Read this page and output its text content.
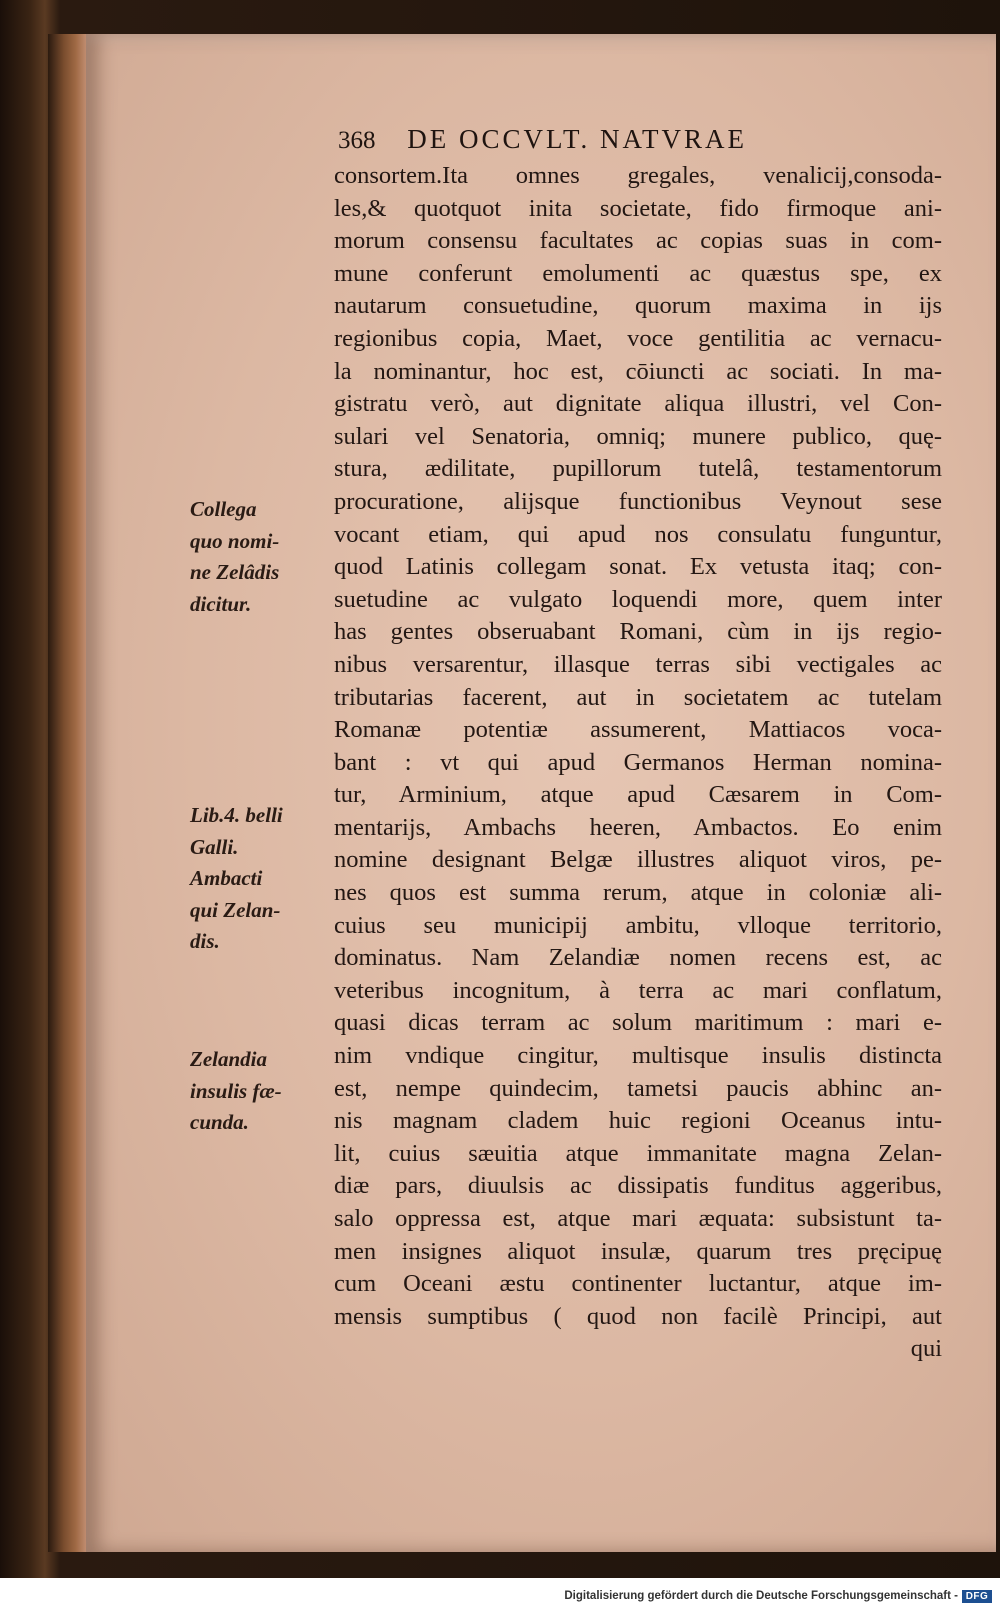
368 DE OCCVLT. NATVRAE
consortem.Ita omnes gregales, venalicij,consoda-
les,& quotquot inita societate, fido firmoque ani-
morum consensu facultates ac copias suas in com-
mune conferunt emolumenti ac quæstus spe, ex
nautarum consuetudine, quorum maxima in ijs
regionibus copia, Maet, voce gentilitia ac vernacu-
la nominantur, hoc est, cōiuncti ac sociati. In ma-
gistratu verò, aut dignitate aliqua illustri, vel Con-
sulari vel Senatoria, omniq; munere publico, quę-
stura, ædilitate, pupillorum tutelâ, testamentorum
procuratione, alijsque functionibus Veynout sese
vocant etiam, qui apud nos consulatu funguntur,
quod Latinis collegam sonat. Ex vetusta itaq; con-
suetudine ac vulgato loquendi more, quem inter
has gentes obseruabant Romani, cùm in ijs regio-
nibus versarentur, illasque terras sibi vectigales ac
tributarias facerent, aut in societatem ac tutelam
Romanæ potentiæ assumerent, Mattiacos voca-
bant : vt qui apud Germanos Herman nomina-
tur, Arminium, atque apud Cæsarem in Com-
mentarijs, Ambachs heeren, Ambactos. Eo enim
nomine designant Belgæ illustres aliquot viros, pe-
nes quos est summa rerum, atque in coloniæ ali-
cuius seu municipij ambitu, vlloque territorio,
dominatus. Nam Zelandiæ nomen recens est, ac
veteribus incognitum, à terra ac mari conflatum,
quasi dicas terram ac solum maritimum : mari e-
nim vndique cingitur, multisque insulis distincta
est, nempe quindecim, tametsi paucis abhinc an-
nis magnam cladem huic regioni Oceanus intu-
lit, cuius sæuitia atque immanitate magna Zelan-
diæ pars, diuulsis ac dissipatis funditus aggeribus,
salo oppressa est, atque mari æquata: subsistunt ta-
men insignes aliquot insulæ, quarum tres pręcipuę
cum Oceani æstu continenter luctantur, atque im-
mensis sumptibus ( quod non facilè Principi, aut
qui
Collega
quo nomi-
ne Zelâdis
dicitur.
Lib.4. belli
Galli.
Ambacti
qui Zelan-
dis.
Zelandia
insulis fæ-
cunda.
Digitalisierung gefördert durch die Deutsche Forschungsgemeinschaft - DFG
